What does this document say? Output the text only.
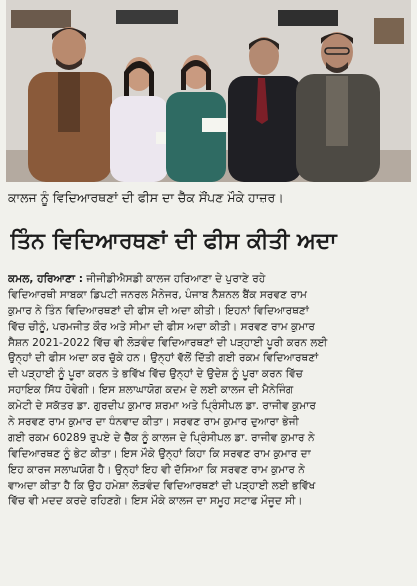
ਕਾਲਜ ਨੂੰ ਵਿਦਿਆਰਥਣਾਂ ਦੀ ਫੀਸ ਦਾ ਚੈੱਕ ਸੌਂਪਣ ਮੌਕੇ ਹਾਜ਼ਰ।
ਤਿੰਨ ਵਿਦਿਆਰਥਣਾਂ ਦੀ ਫੀਸ ਕੀਤੀ ਅਦਾ
ਕਮਲ, ਹਰਿਆਣਾ : ਜੀਜੀਡੀਐਸਡੀ ਕਾਲਜ ਹਰਿਆਣਾ ਦੇ ਪੁਰਾਣੇ ਰਹੇ
ਵਿਦਿਆਰਥੀ ਸਾਬਕਾ ਡਿਪਟੀ ਜਨਰਲ ਮੈਨੇਜਰ, ਪੰਜਾਬ ਨੈਸ਼ਨਲ ਬੈਂਕ ਸਰਵਣ ਰਾਮ
ਕੁਮਾਰ ਨੇ ਤਿੰਨ ਵਿਦਿਆਰਥਣਾਂ ਦੀ ਫੀਸ ਦੀ ਅਦਾ ਕੀਤੀ। ਇਹਨਾਂ ਵਿਦਿਆਰਥਣਾਂ
ਵਿੱਚ ਚੀਨੂੰ, ਪਰਮਜੀਤ ਕੌਰ ਅਤੇ ਸੀਮਾ ਦੀ ਫੀਸ ਅਦਾ ਕੀਤੀ। ਸਰਵਣ ਰਾਮ ਕੁਮਾਰ
ਸੈਸ਼ਨ 2021-2022 ਵਿੱਚ ਵੀ ਲੋੜਵੰਦ ਵਿਦਿਆਰਥਣਾਂ ਦੀ ਪੜ੍ਹਾਈ ਪੂਰੀ ਕਰਨ ਲਈ
ਉਨ੍ਹਾਂ ਦੀ ਫੀਸ ਅਦਾ ਕਰ ਚੁੱਕੇ ਹਨ। ਉਨ੍ਹਾਂ ਵੱਲੋਂ ਦਿੱਤੀ ਗਈ ਰਕਮ ਵਿਦਿਆਰਥਣਾਂ
ਦੀ ਪੜ੍ਹਾਈ ਨੂੰ ਪੂਰਾ ਕਰਨ ਤੇ ਭਵਿੱਖ ਵਿੱਚ ਉਨ੍ਹਾਂ ਦੇ ਉਦੇਸ਼ ਨੂੰ ਪੂਰਾ ਕਰਨ ਵਿੱਚ
ਸਹਾਇਕ ਸਿੱਧ ਹੋਵੇਗੀ। ਇਸ ਸ਼ਲਾਘਾਯੋਗ ਕਦਮ ਦੇ ਲਈ ਕਾਲਜ ਦੀ ਮੈਨੇਜਿੰਗ
ਕਮੇਟੀ ਦੇ ਸਕੱਤਰ ਡਾ. ਗੁਰਦੀਪ ਕੁਮਾਰ ਸ਼ਰਮਾ ਅਤੇ ਪ੍ਰਿੰਸੀਪਲ ਡਾ. ਰਾਜੀਵ ਕੁਮਾਰ
ਨੇ ਸਰਵਣ ਰਾਮ ਕੁਮਾਰ ਦਾ ਧੰਨਵਾਦ ਕੀਤਾ। ਸਰਵਣ ਰਾਮ ਕੁਮਾਰ ਦੁਆਰਾ ਭੇਜੀ
ਗਈ ਰਕਮ 60289 ਰੁਪਏ ਦੇ ਚੈੱਕ ਨੂੰ ਕਾਲਜ ਦੇ ਪ੍ਰਿੰਸੀਪਲ ਡਾ. ਰਾਜੀਵ ਕੁਮਾਰ ਨੇ
ਵਿਦਿਆਰਥਣ ਨੂੰ ਭੇਟ ਕੀਤਾ। ਇਸ ਮੌਕੇ ਉਨ੍ਹਾਂ ਕਿਹਾ ਕਿ ਸਰਵਣ ਰਾਮ ਕੁਮਾਰ ਦਾ
ਇਹ ਕਾਰਜ ਸਲਾਘਯੋਗ ਹੈ। ਉਨ੍ਹਾਂ ਇਹ ਵੀ ਦੱਸਿਆ ਕਿ ਸਰਵਣ ਰਾਮ ਕੁਮਾਰ ਨੇ
ਵਾਅਦਾ ਕੀਤਾ ਹੈ ਕਿ ਉਹ ਹਮੇਸ਼ਾ ਲੋੜਵੰਦ ਵਿਦਿਆਰਥਣਾਂ ਦੀ ਪੜ੍ਹਾਈ ਲਈ ਭਵਿੱਖ
ਵਿੱਚ ਵੀ ਮਦਦ ਕਰਦੇ ਰਹਿਣਗੇ। ਇਸ ਮੌਕੇ ਕਾਲਜ ਦਾ ਸਮੂਹ ਸਟਾਫ ਮੌਜੂਦ ਸੀ।
